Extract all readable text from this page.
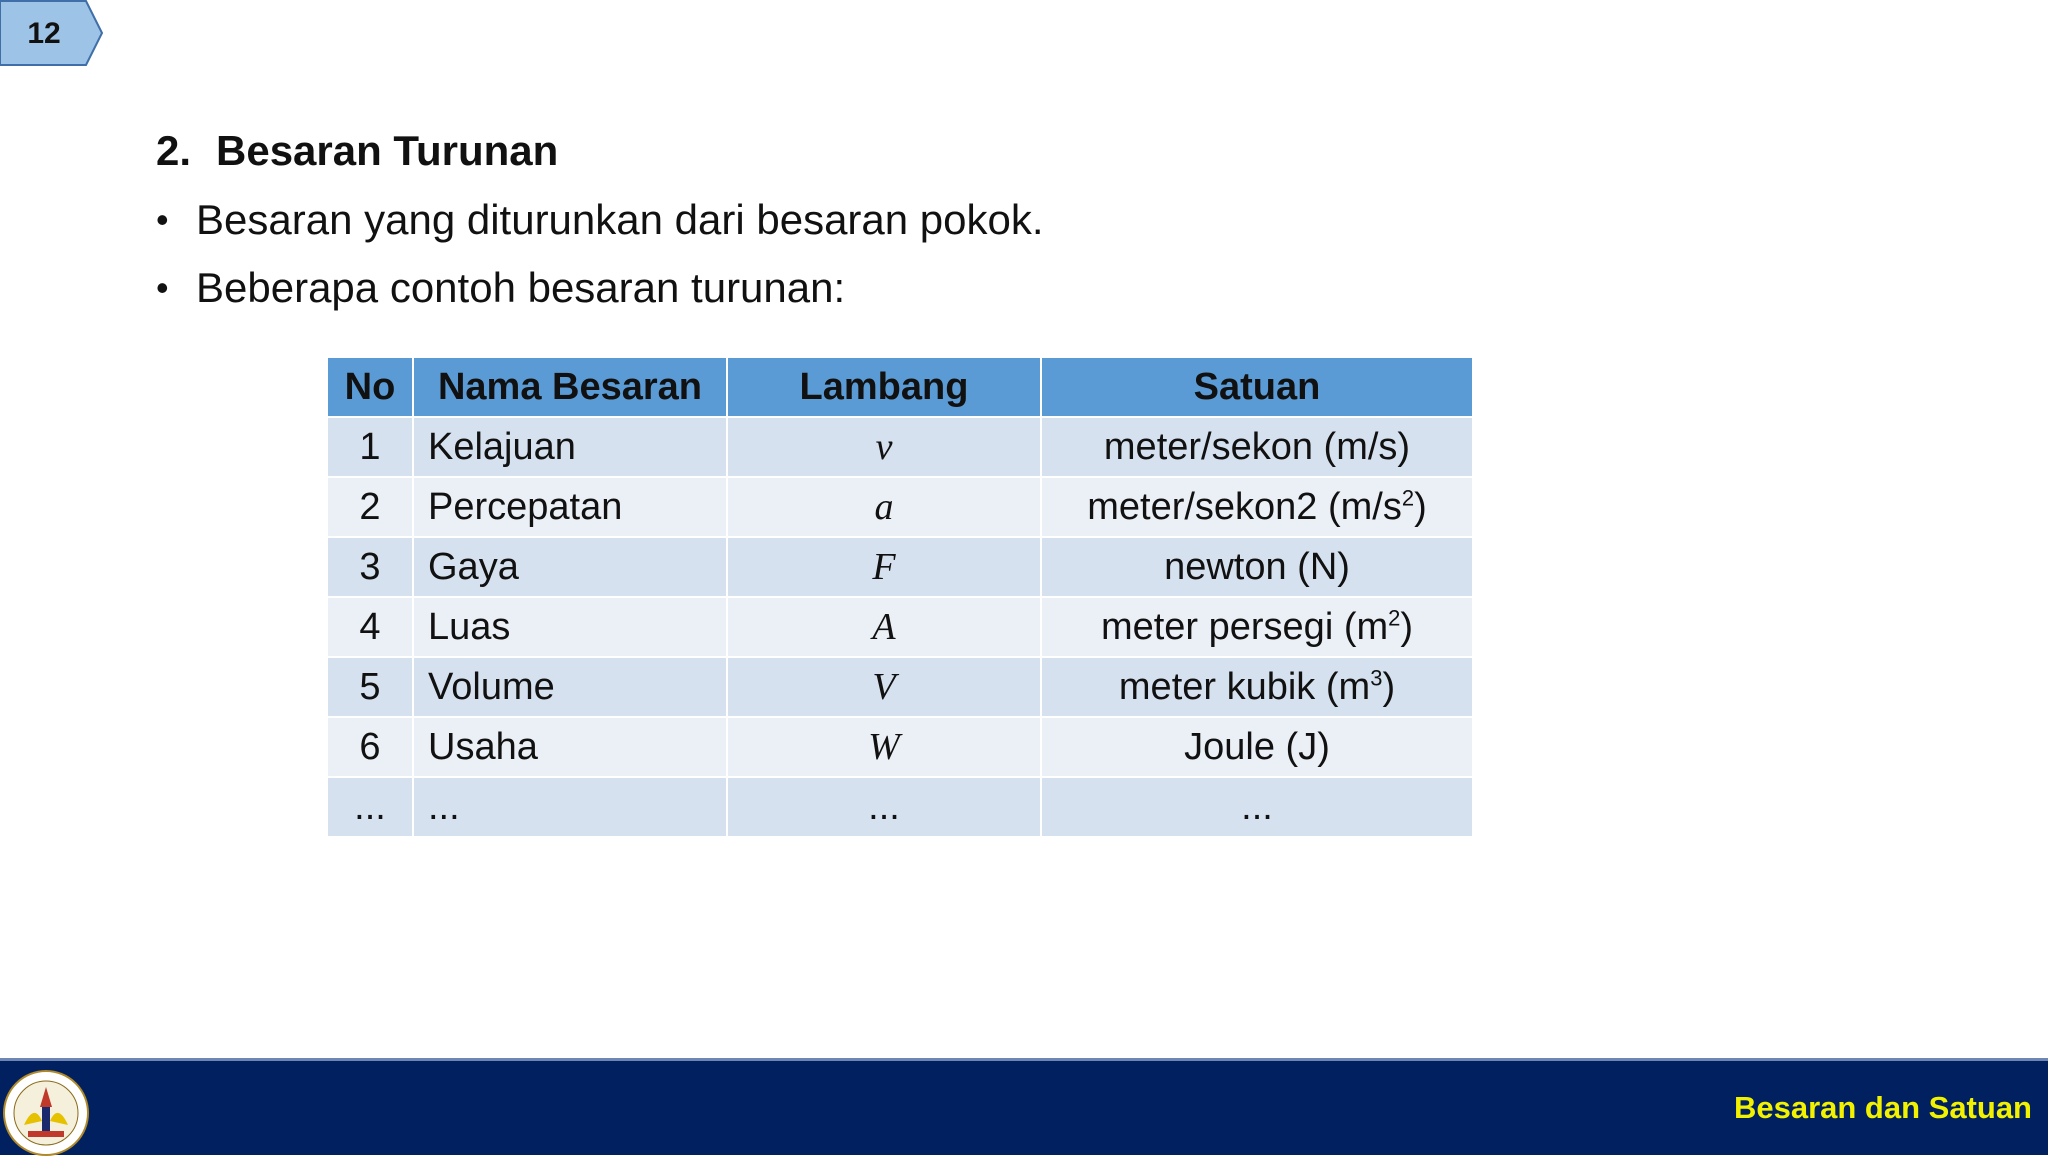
12
2. Besaran Turunan
• Besaran yang diturunkan dari besaran pokok.
• Beberapa contoh besaran turunan:
No	Nama Besaran	Lambang	Satuan
1	Kelajuan	v	meter/sekon (m/s)
2	Percepatan	a	meter/sekon2 $(m/s^2)$
3	Gaya	F	newton (N)
4	Luas	A	meter persegi $(m^2)$
5	Volume	V	meter kubik $(m^3)$
6	Usaha	W	Joule (J)
...	...	...	...
Besaran dan Satuan
